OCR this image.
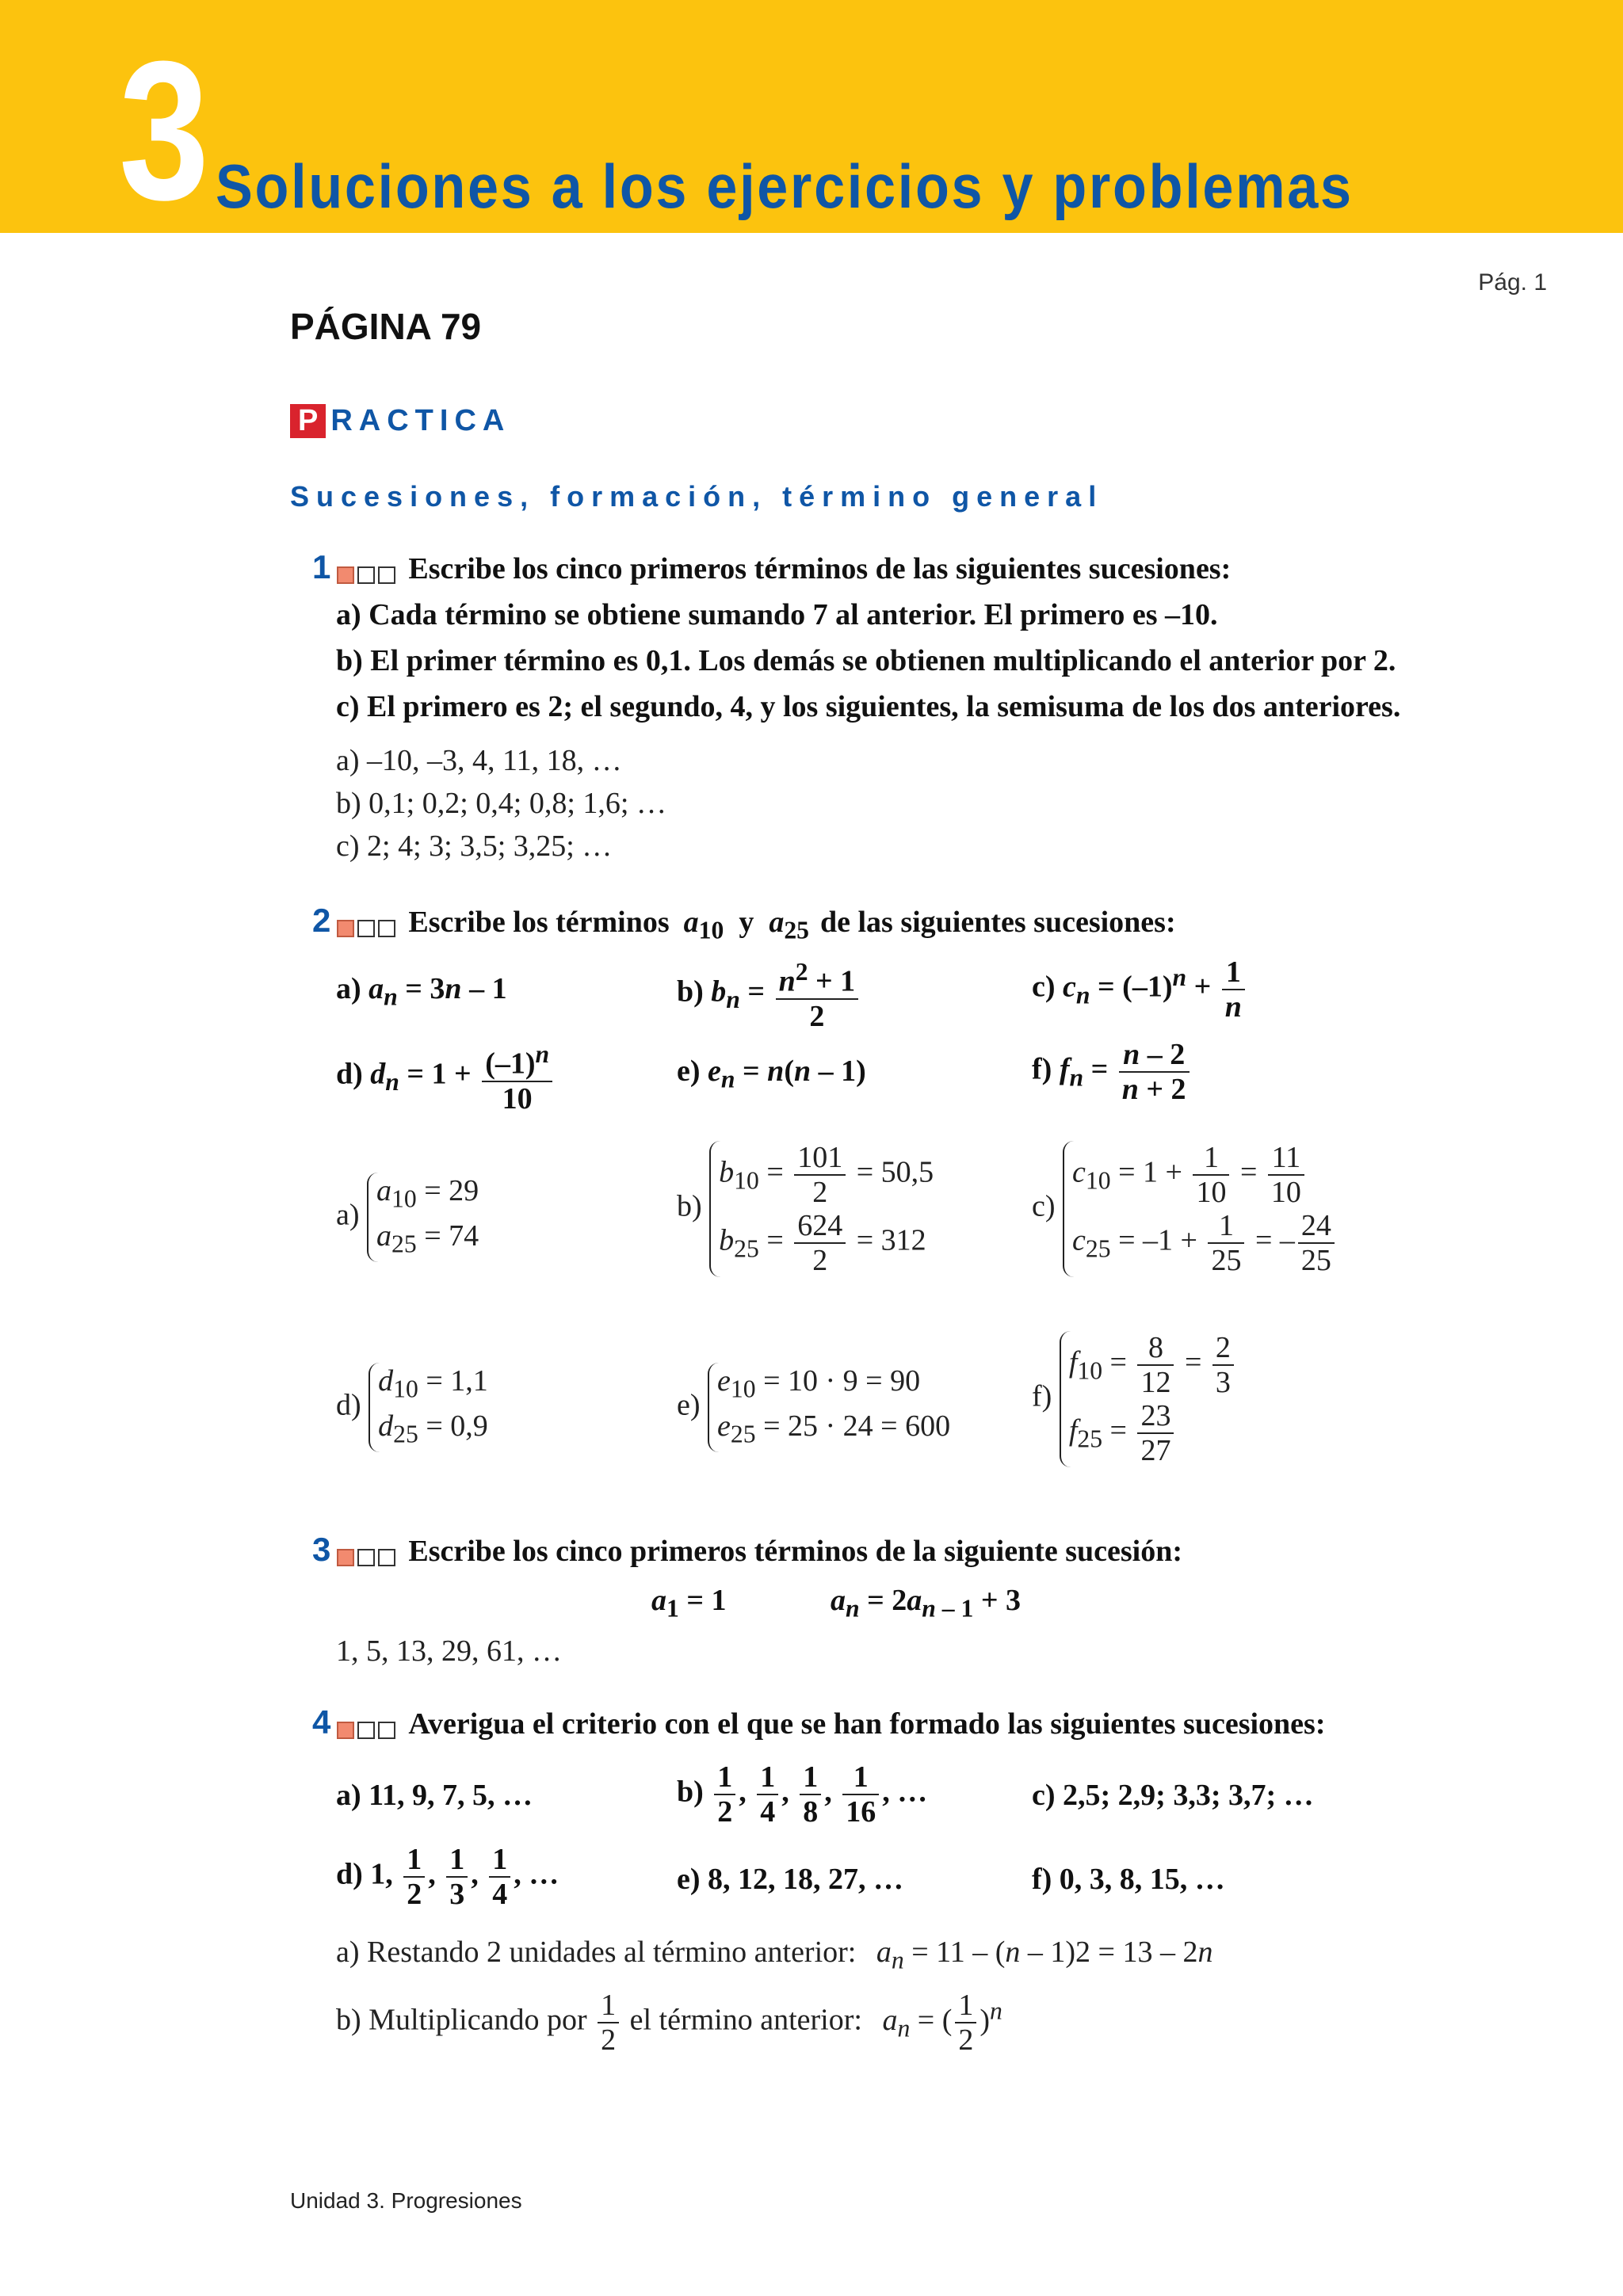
3 Soluciones a los ejercicios y problemas
Pág. 1
PÁGINA 79
P RACTICA
Sucesiones, formación, término general
1	Escribe los cinco primeros términos de las siguientes sucesiones:
a) Cada término se obtiene sumando 7 al anterior. El primero es –10.
b) El primer término es 0,1. Los demás se obtienen multiplicando el anterior por 2.
c) El primero es 2; el segundo, 4, y los siguientes, la semisuma de los dos anteriores.
a) –10, –3, 4, 11, 18, …
b) 0,1; 0,2; 0,4; 0,8; 1,6; …
c) 2; 4; 3; 3,5; 3,25; …
2	Escribe los términos $a_{10}$  y  $a_{25}$ de las siguientes sucesiones:
a) $a_n = 3n - 1$	b) $b_n = \frac{n^2 + 1}{2}$	c) $c_n = (-1)^n + \frac{1}{n}$
d) $d_n = 1 + \frac{(-1)^n}{10}$	e) $e_n = n(n - 1)$	f) $f_n = \frac{n - 2}{n + 2}$
a)
$a_{10} = 29$
$a_{25} = 74$
b)
$b_{10} = \frac{101}{2} = 50,5$
$b_{25} = \frac{624}{2} = 312$
c)
$c_{10} = 1 + \frac{1}{10} = \frac{11}{10}$
$c_{25} = -1 + \frac{1}{25}$ = – $\frac{24}{25}$
d)
$d_{10} = 1,1$
$d_{25} = 0,9$
e)
$e_{10} = 10 \cdot 9 = 90$
$e_{25} = 25 \cdot 24 = 600$
f)
$f_{10} = \frac{8}{12} = \frac{2}{3}$
$f_{25} = \frac{23}{27}$
3	Escribe los cinco primeros términos de la siguiente sucesión:
$a_1 = 1$	$a_n = 2a_{n - 1} + 3$
1, 5, 13, 29, 61, …
4	Averigua el criterio con el que se han formado las siguientes sucesiones:
a) 11, 9, 7, 5, …	$b) \frac{1}{2}$ , $\frac{1}{4}$ , $\frac{1}{8}$ , $\frac{1}{16}$ , …	c) 2,5; 2,9; 3,3; 3,7; …
d) 1, $\frac{1}{2}$ , $\frac{1}{3}$ , $\frac{1}{4}$ , …	e) 8, 12, 18, 27, …	f) 0, 3, 8, 15, …
a) Restando 2 unidades al término anterior: $a_n = 11 - (n - 1)2 = 13 - 2n$
b) Multiplicando por $\frac{1}{2}$ el término anterior: $a_n$ = ( $\frac{1}{2} )^n$
Unidad 3. Progresiones
